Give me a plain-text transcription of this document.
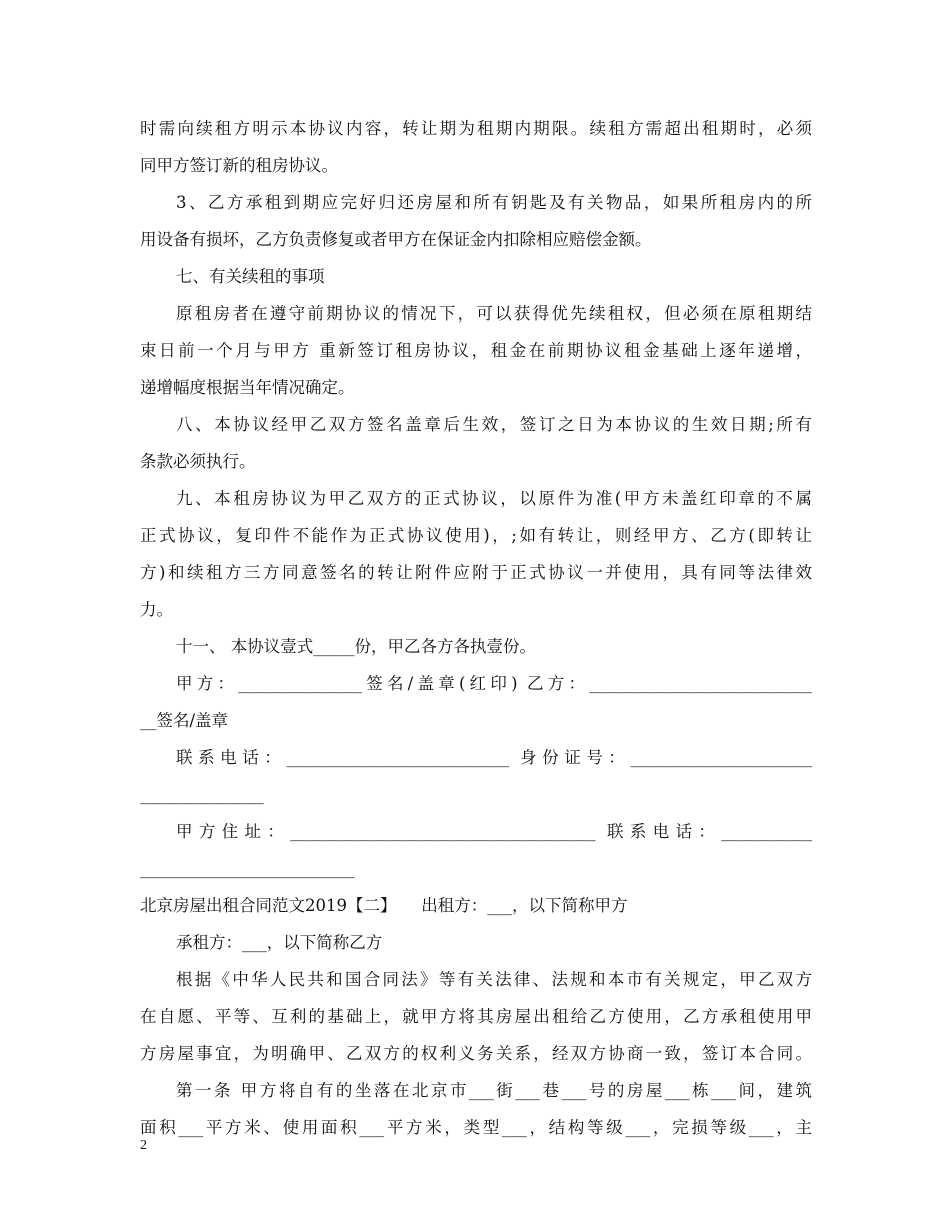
时需向续租方明示本协议内容，转让期为租期内期限。续租方需超出租期时，必须
同甲方签订新的租房协议。
3、乙方承租到期应完好归还房屋和所有钥匙及有关物品，如果所租房内的所
用设备有损坏，乙方负责修复或者甲方在保证金内扣除相应赔偿金额。
七、有关续租的事项
原租房者在遵守前期协议的情况下，可以获得优先续租权，但必须在原租期结
束日前一个月与甲方 重新签订租房协议，租金在前期协议租金基础上逐年递增，
递增幅度根据当年情况确定。
八、本协议经甲乙双方签名盖章后生效，签订之日为本协议的生效日期;所有
条款必须执行。
九、本租房协议为甲乙双方的正式协议，以原件为准(甲方未盖红印章的不属
正式协议，复印件不能作为正式协议使用)，;如有转让，则经甲方、乙方(即转让
方)和续租方三方同意签名的转让附件应附于正式协议一并使用，具有同等法律效
力。
十一、 本协议壹式_____份，甲乙各方各执壹份。
甲方：_______________签名/盖章(红印) 乙方：___________________________
__签名/盖章
联系电话：___________________________ 身份证号：______________________
_______________
甲方住址：_____________________________________ 联系电话：___________
__________________________
北京房屋出租合同范文2019【二】　　出租方：___，以下简称甲方
承租方：___，以下简称乙方
根据《中华人民共和国合同法》等有关法律、法规和本市有关规定，甲乙双方
在自愿、平等、互利的基础上，就甲方将其房屋出租给乙方使用，乙方承租使用甲
方房屋事宜，为明确甲、乙双方的权利义务关系，经双方协商一致，签订本合同。
第一条 甲方将自有的坐落在北京市___街___巷___号的房屋___栋___间，建筑
面积___平方米、使用面积___平方米，类型___，结构等级___，完损等级___，主
2
